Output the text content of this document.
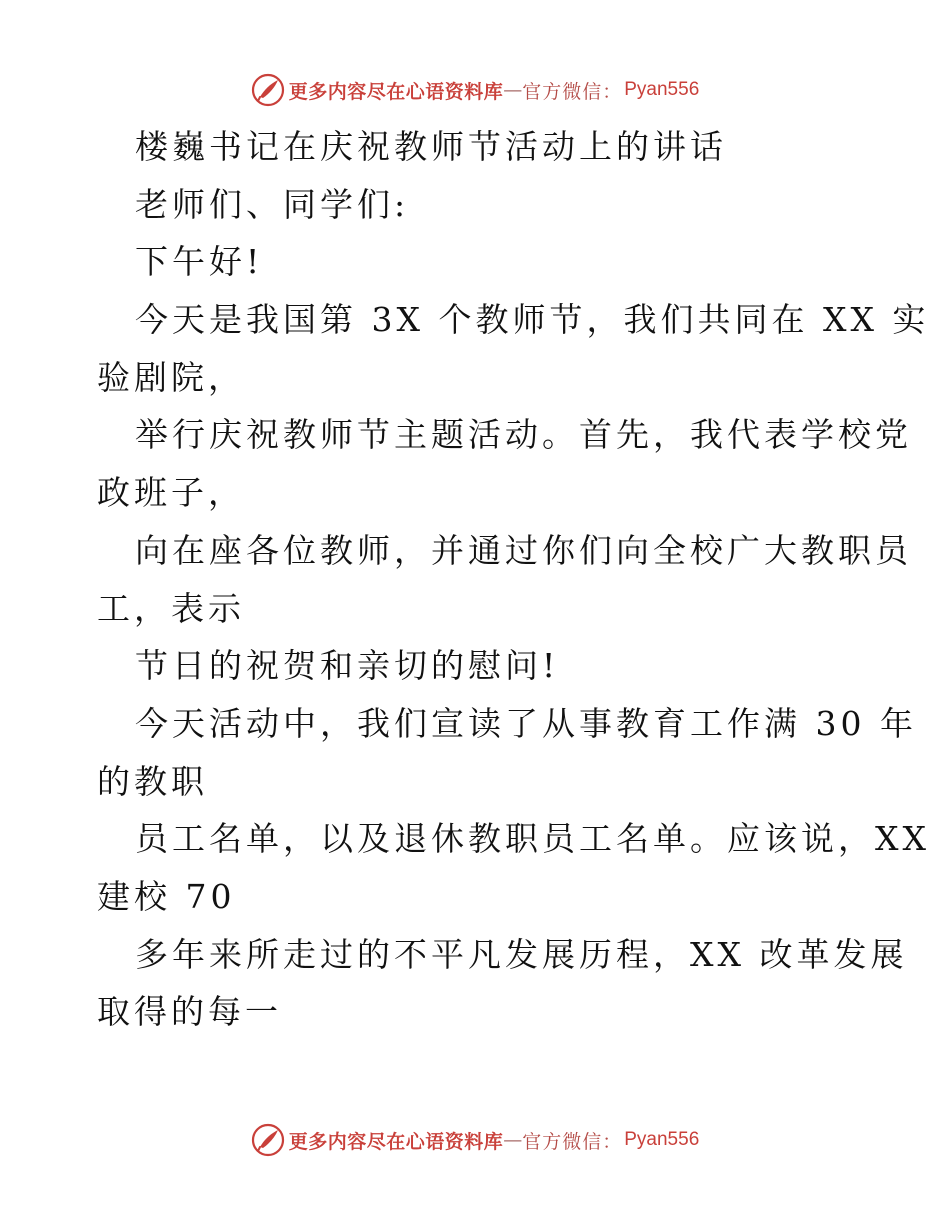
更多内容尽在心语资料库 — 官方微信： Pyan556
楼巍书记在庆祝教师节活动上的讲话
老师们、同学们:
下午好!
今天是我国第 3X 个教师节，我们共同在 XX 实
验剧院，
举行庆祝教师节主题活动。首先，我代表学校党
政班子，
向在座各位教师，并通过你们向全校广大教职员
工，表示
节日的祝贺和亲切的慰问!
今天活动中，我们宣读了从事教育工作满 30 年
的教职
员工名单，以及退休教职员工名单。应该说，XX
建校 70
多年来所走过的不平凡发展历程，XX 改革发展
取得的每一
更多内容尽在心语资料库 — 官方微信： Pyan556
